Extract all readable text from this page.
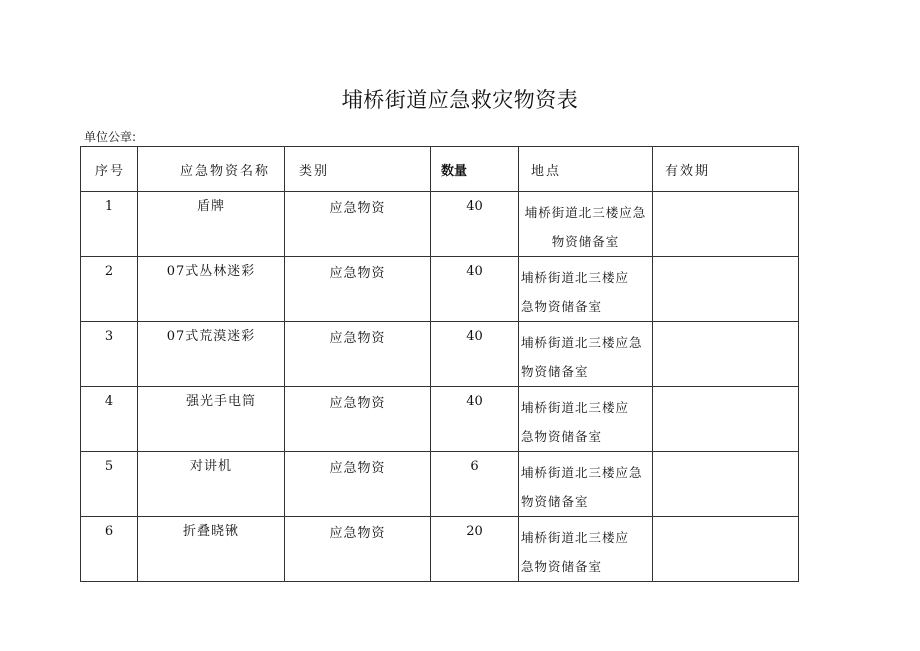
埔桥街道应急救灾物资表
单位公章:
序号	应急物资名称	类别	数量	地点	有效期

1	盾牌	应急物资	40	埔桥街道北三楼应急物资储备室	

2	07式丛林迷彩	应急物资	40	埔桥街道北三楼应急物资储备室	

3	07式荒漠迷彩	应急物资	40	埔桥街道北三楼应急物资储备室	

4	强光手电筒	应急物资	40	埔桥街道北三楼应急物资储备室	

5	对讲机	应急物资	6	埔桥街道北三楼应急物资储备室	

6	折叠晓锹	应急物资	20	埔桥街道北三楼应急物资储备室	
